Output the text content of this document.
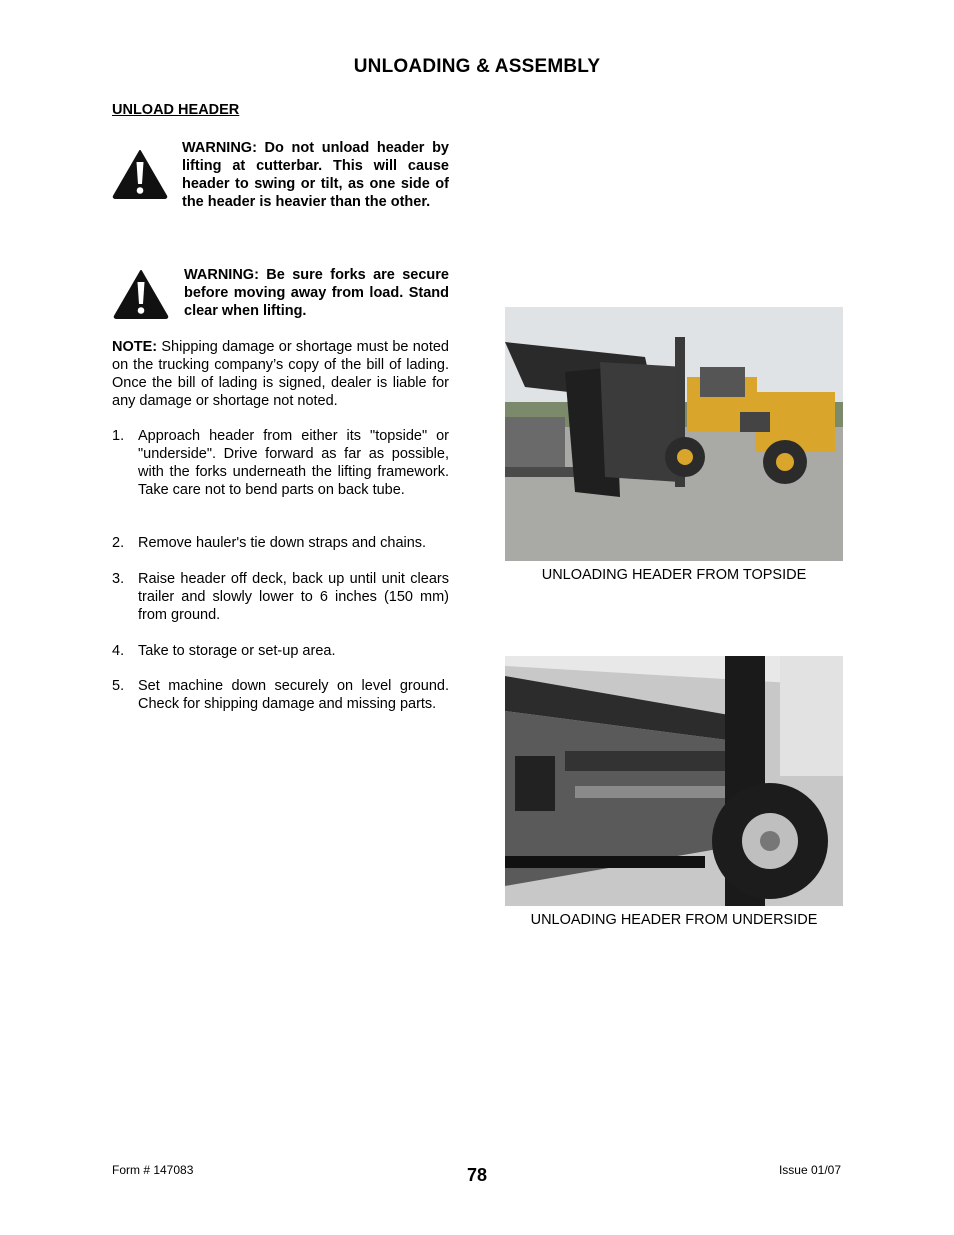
UNLOADING & ASSEMBLY
UNLOAD HEADER
WARNING: Do not unload header by lifting at cutterbar. This will cause header to swing or tilt, as one side of the header is heavier than the other.
WARNING: Be sure forks are secure before moving away from load. Stand clear when lifting.
NOTE: Shipping damage or shortage must be noted on the trucking company’s copy of the bill of lading. Once the bill of lading is signed, dealer is liable for any damage or shortage not noted.
1. Approach header from either its "topside" or "underside". Drive forward as far as possible, with the forks underneath the lifting framework. Take care not to bend parts on back tube.
2. Remove hauler's tie down straps and chains.
3. Raise header off deck, back up until unit clears trailer and slowly lower to 6 inches (150 mm) from ground.
4. Take to storage or set-up area.
5. Set machine down securely on level ground. Check for shipping damage and missing parts.
UNLOADING HEADER FROM TOPSIDE
UNLOADING HEADER FROM UNDERSIDE
Form # 147083	78	Issue 01/07
